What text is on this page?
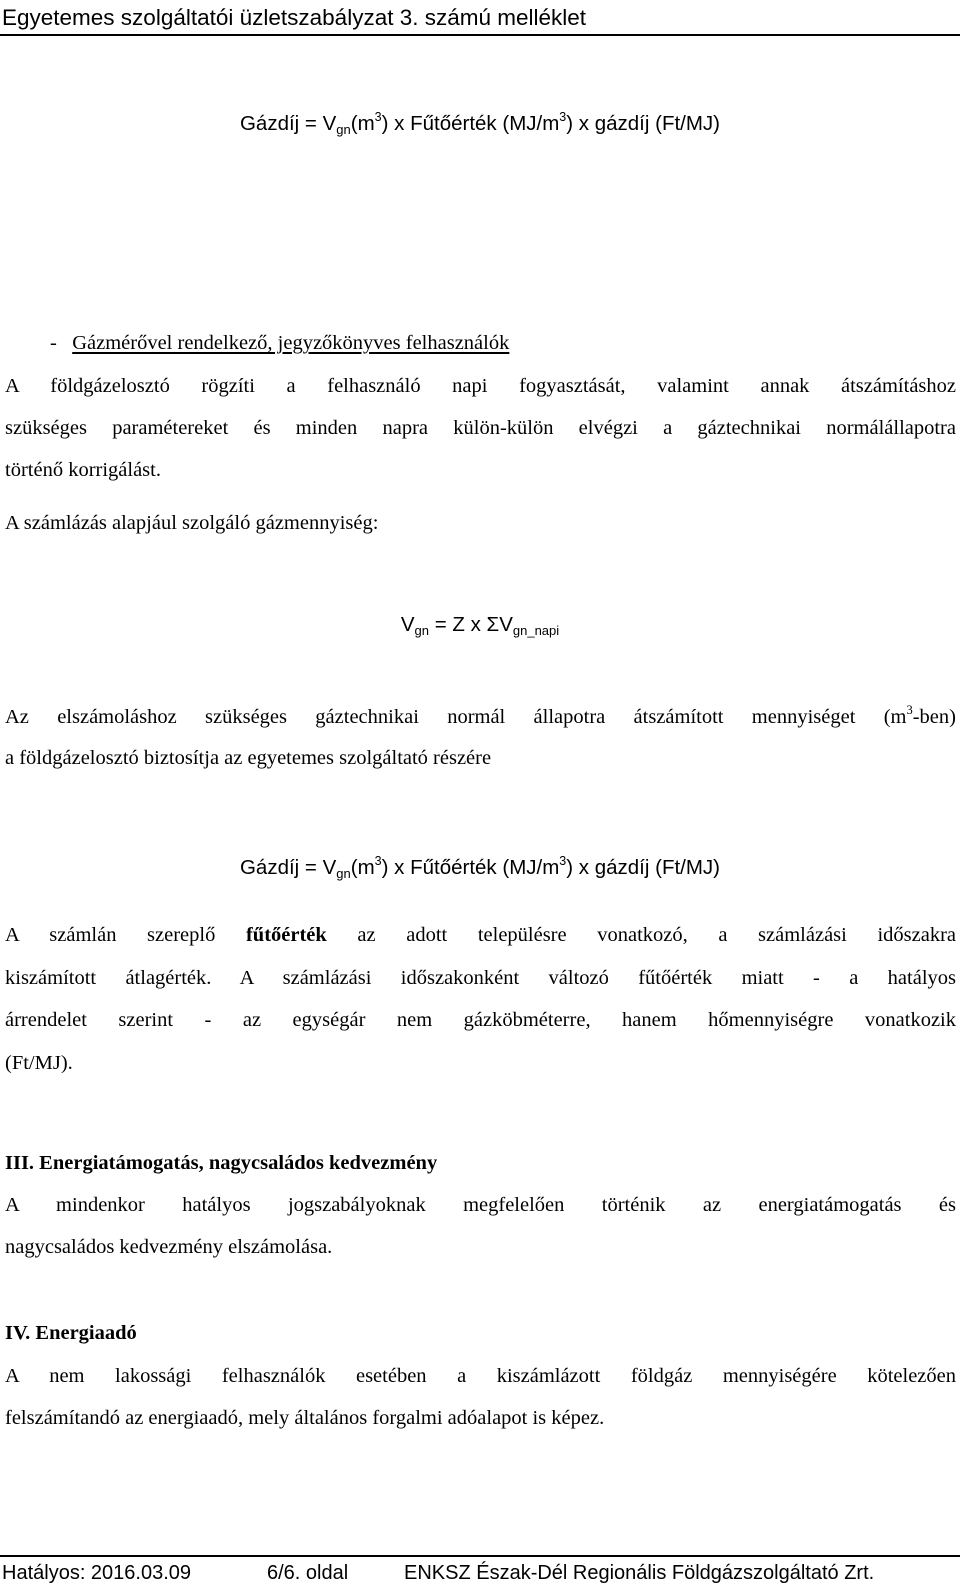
Egyetemes szolgáltatói üzletszabályzat 3. számú melléklet
Gázdíj = $V_{gn}(m^3)$ x Fűtőérték $(MJ/m^3)$ x gázdíj (Ft/MJ)

- Gázmérővel rendelkező, jegyzőkönyves felhasználók

A földgázelosztó rögzíti a felhasználó napi fogyasztását, valamint annak átszámításhoz

szükséges paramétereket és minden napra külön-külön elvégzi a gáztechnikai normálállapotra

történő korrigálást.

A számlázás alapjául szolgáló gázmennyiség:

$V_{gn} = Z$ x $\Sigma V_{gn\_napi}$

Az elszámoláshoz szükséges gáztechnikai normál állapotra átszámított mennyiséget $(m^3-ben)$

a földgázelosztó biztosítja az egyetemes szolgáltató részére

Gázdíj = $V_{gn}(m^3)$ x Fűtőérték $(MJ/m^3)$ x gázdíj (Ft/MJ)

A számlán szereplő fűtőérték az adott településre vonatkozó, a számlázási időszakra

kiszámított átlagérték. A számlázási időszakonként változó fűtőérték miatt - a hatályos

árrendelet szerint - az egységár nem gázköbméterre, hanem hőmennyiségre vonatkozik

(Ft/MJ).

III. Energiatámogatás, nagycsaládos kedvezmény

A mindenkor hatályos jogszabályoknak megfelelően történik az energiatámogatás és

nagycsaládos kedvezmény elszámolása.

IV. Energiaadó

A nem lakossági felhasználók esetében a kiszámlázott földgáz mennyiségére kötelezően

felszámítandó az energiaadó, mely általános forgalmi adóalapot is képez.

Hatályos: 2016.03.09	6/6. oldal	ENKSZ Észak-Dél Regionális Földgázszolgáltató Zrt.
